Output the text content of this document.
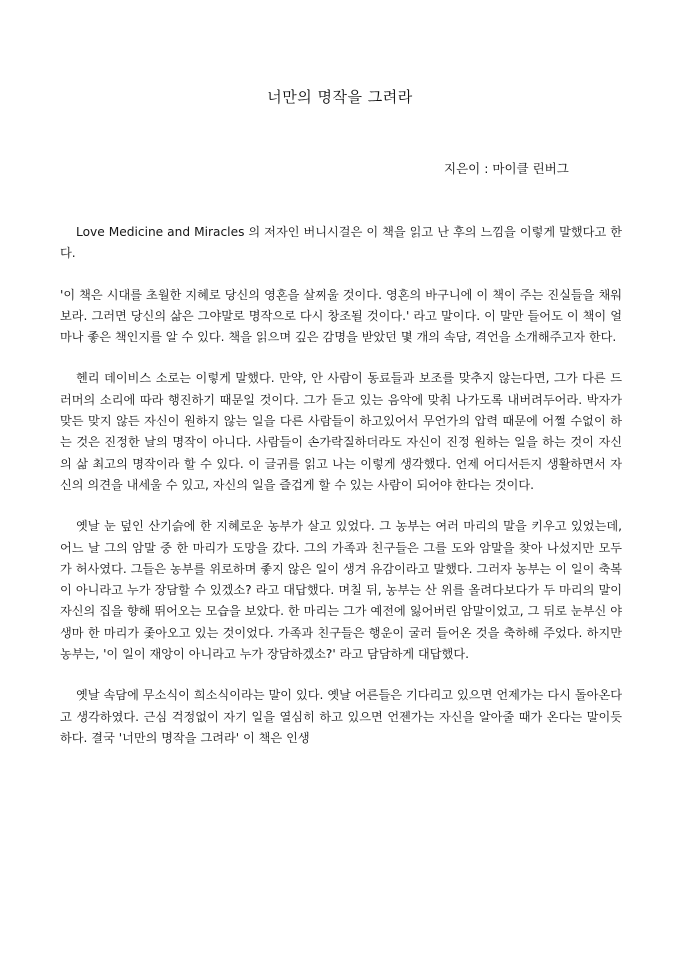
너만의 명작을 그려라
지은이 : 마이클 린버그

Love Medicine and Miracles 의 저자인 버니시걸은 이 책을 읽고 난 후의 느낌을 이렇게 말했다고 한다.

'이 책은 시대를 초월한 지혜로 당신의 영혼을 살찌울 것이다. 영혼의 바구니에 이 책이 주는 진실들을 채워 보라. 그러면 당신의 삶은 그야말로 명작으로 다시 창조될 것이다.' 라고 말이다. 이 말만 들어도 이 책이 얼마나 좋은 책인지를 알 수 있다. 책을 읽으며 깊은 감명을 받았던 몇 개의 속담, 격언을 소개해주고자 한다.

헨리 데이비스 소로는 이렇게 말했다. 만약, 안 사람이 동료들과 보조를 맞추지 않는다면, 그가 다른 드러머의 소리에 따라 행진하기 때문일 것이다. 그가 듣고 있는 음악에 맞춰 나가도록 내버려두어라. 박자가 맞든 맞지 않든 자신이 원하지 않는 일을 다른 사람들이 하고있어서 무언가의 압력 때문에 어쩔 수없이 하는 것은 진정한 날의 명작이 아니다. 사람들이 손가락질하더라도 자신이 진정 원하는 일을 하는 것이 자신의 삶 최고의 명작이라 할 수 있다. 이 글귀를 읽고 나는 이렇게 생각했다. 언제 어디서든지 생활하면서 자신의 의견을 내세울 수 있고, 자신의 일을 즐겁게 할 수 있는 사람이 되어야 한다는 것이다.

옛날 눈 덮인 산기슭에 한 지혜로운 농부가 살고 있었다. 그 농부는 여러 마리의 말을 키우고 있었는데, 어느 날 그의 암말 중 한 마리가 도망을 갔다. 그의 가족과 친구들은 그를 도와 암말을 찾아 나섰지만 모두가 허사였다. 그들은 농부를 위로하며 좋지 않은 일이 생겨 유감이라고 말했다. 그러자 농부는 이 일이 축복이 아니라고 누가 장담할 수 있겠소? 라고 대답했다. 며칠 뒤, 농부는 산 위를 올려다보다가 두 마리의 말이 자신의 집을 향해 뛰어오는 모습을 보았다. 한 마리는 그가 예전에 잃어버린 암말이었고, 그 뒤로 눈부신 야생마 한 마리가 좇아오고 있는 것이었다. 가족과 친구들은 행운이 굴러 들어온 것을 축하해 주었다. 하지만 농부는, '이 일이 재앙이 아니라고 누가 장담하겠소?' 라고 담담하게 대답했다.

옛날 속담에 무소식이 희소식이라는 말이 있다. 옛날 어른들은 기다리고 있으면 언제가는 다시 돌아온다고 생각하였다. 근심 걱정없이 자기 일을 열심히 하고 있으면 언젠가는 자신을 알아줄 때가 온다는 말이듯 하다. 결국 '너만의 명작을 그려라' 이 책은 인생
